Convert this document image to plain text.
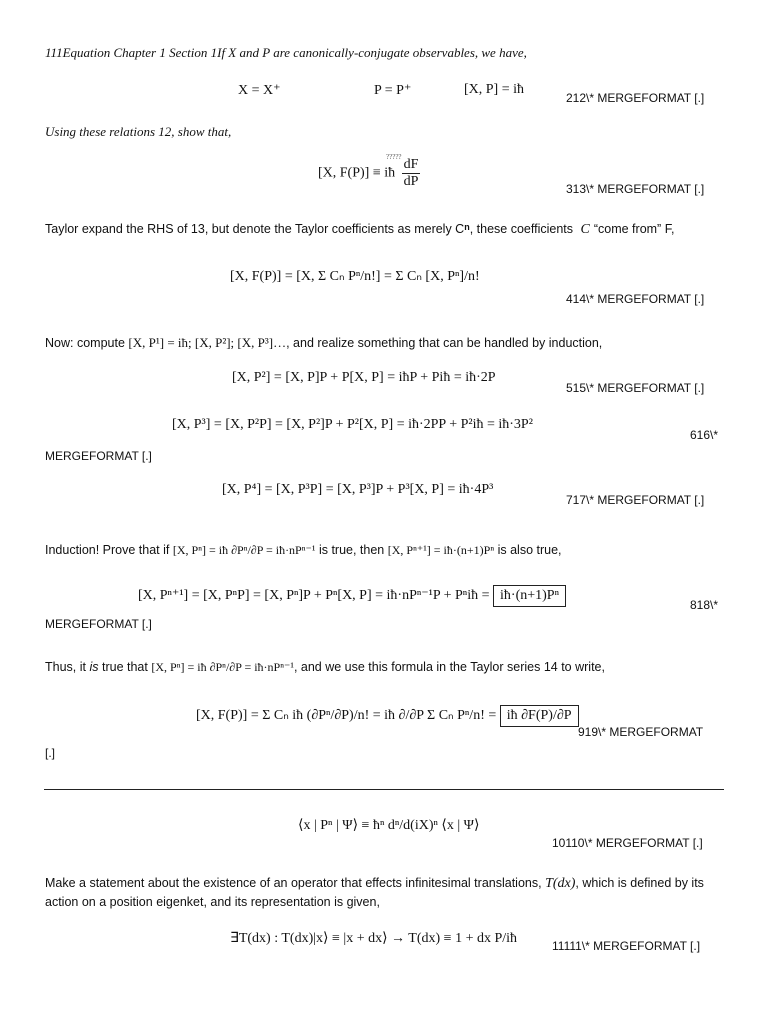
111Equation Chapter 1 Section 1If X and P are canonically-conjugate observables, we have,
X = X⁺	P = P⁺	[X, P] = iħ
212\* MERGEFORMAT [.]
Using these relations 12, show that,
[X, F(P)] ≡ iħ $\frac{dF}{dP}$
?????
313\* MERGEFORMAT [.]
Taylor expand the RHS of 13, but denote the Taylor coefficients as merely $C^n$, these coefficients C “come from” F,
[X, F(P)] = [X, Σ Cₙ Pⁿ/n!] = Σ Cₙ [X, Pⁿ]/n!
414\* MERGEFORMAT [.]
Now: compute [X, P¹] = iħ; [X, P²]; [X, P³]…, and realize something that can be handled by induction,
[X, P²] = [X, P]P + P[X, P] = iħP + Piħ = iħ·2P
515\* MERGEFORMAT [.]
[X, P³] = [X, P²P] = [X, P²]P + P²[X, P] = iħ·2PP + P²iħ = iħ·3P²
616\*
MERGEFORMAT [.]
[X, P⁴] = [X, P³P] = [X, P³]P + P³[X, P] = iħ·4P³
717\* MERGEFORMAT [.]
Induction! Prove that if [X, Pⁿ] = iħ ∂Pⁿ/∂P = iħ·nPⁿ⁻¹ is true, then [X, Pⁿ⁺¹] = iħ·(n+1)Pⁿ is also true,
[X, Pⁿ⁺¹] = [X, PⁿP] = [X, Pⁿ]P + Pⁿ[X, P] = iħ·nPⁿ⁻¹P + Pⁿiħ = iħ·(n+1)Pⁿ
818\*
MERGEFORMAT [.]
Thus, it is true that [X, Pⁿ] = iħ ∂Pⁿ/∂P = iħ·nPⁿ⁻¹, and we use this formula in the Taylor series 14 to write,
[X, F(P)] = Σ Cₙ iħ (∂Pⁿ/∂P)/n! = iħ ∂/∂P Σ Cₙ Pⁿ/n! = iħ ∂F(P)/∂P
919\* MERGEFORMAT
[.]
⟨x | Pⁿ | Ψ⟩ ≡ ħⁿ dⁿ/d(iX)ⁿ ⟨x | Ψ⟩
10110\* MERGEFORMAT [.]
Make a statement about the existence of an operator that effects infinitesimal translations, T(dx), which is defined by its
action on a position eigenket, and its representation is given,
∃T(dx) : T(dx)|x⟩ ≡ |x + dx⟩ → T(dx) ≡ 1 + dx P/iħ	11111\* MERGEFORMAT [.]
